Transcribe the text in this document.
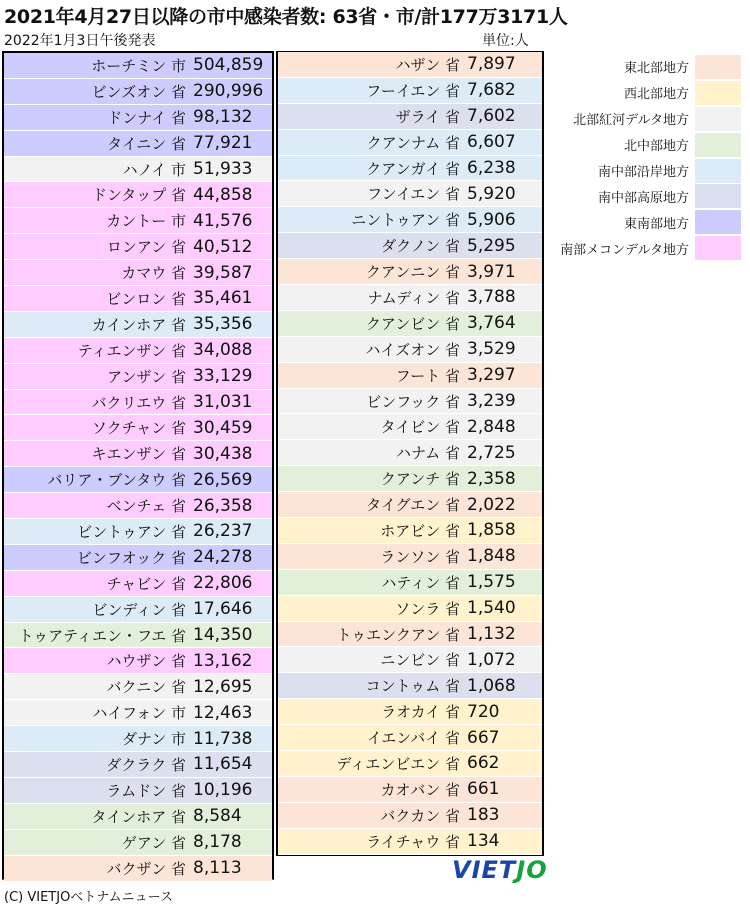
2021年4月27日以降の市中感染者数: 63省・市/計177万3171人
2022年1月3日午後発表	単位:人
ホーチミン 市 504,859
ビンズオン 省 290,996
ドンナイ 省 98,132
タイニン 省 77,921
ハノイ 市 51,933
ドンタップ 省 44,858
カントー 市 41,576
ロンアン 省 40,512
カマウ 省 39,587
ビンロン 省 35,461
カインホア 省 35,356
ティエンザン 省 34,088
アンザン 省 33,129
バクリエウ 省 31,031
ソクチャン 省 30,459
キエンザン 省 30,438
バリア・ブンタウ 省 26,569
ベンチェ 省 26,358
ビントゥアン 省 26,237
ビンフオック 省 24,278
チャビン 省 22,806
ビンディン 省 17,646
トゥアティエン・フエ 省 14,350
ハウザン 省 13,162
バクニン 省 12,695
ハイフォン 市 12,463
ダナン 市 11,738
ダクラク 省 11,654
ラムドン 省 10,196
タインホア 省 8,584
ゲアン 省 8,178
バクザン 省 8,113
ハザン 省 7,897
フーイエン 省 7,682
ザライ 省 7,602
クアンナム 省 6,607
クアンガイ 省 6,238
フンイエン 省 5,920
ニントゥアン 省 5,906
ダクノン 省 5,295
クアンニン 省 3,971
ナムディン 省 3,788
クアンビン 省 3,764
ハイズオン 省 3,529
フート 省 3,297
ビンフック 省 3,239
タイビン 省 2,848
ハナム 省 2,725
クアンチ 省 2,358
タイグエン 省 2,022
ホアビン 省 1,858
ランソン 省 1,848
ハティン 省 1,575
ソンラ 省 1,540
トゥエンクアン 省 1,132
ニンビン 省 1,072
コントゥム 省 1,068
ラオカイ 省 720
イエンバイ 省 667
ディエンビエン 省 662
カオバン 省 661
バクカン 省 183
ライチャウ 省 134
東北部地方
西北部地方
北部紅河デルタ地方
北中部地方
南中部沿岸地方
南中部高原地方
東南部地方
南部メコンデルタ地方
VIETJO
(C) VIETJOベトナムニュース
